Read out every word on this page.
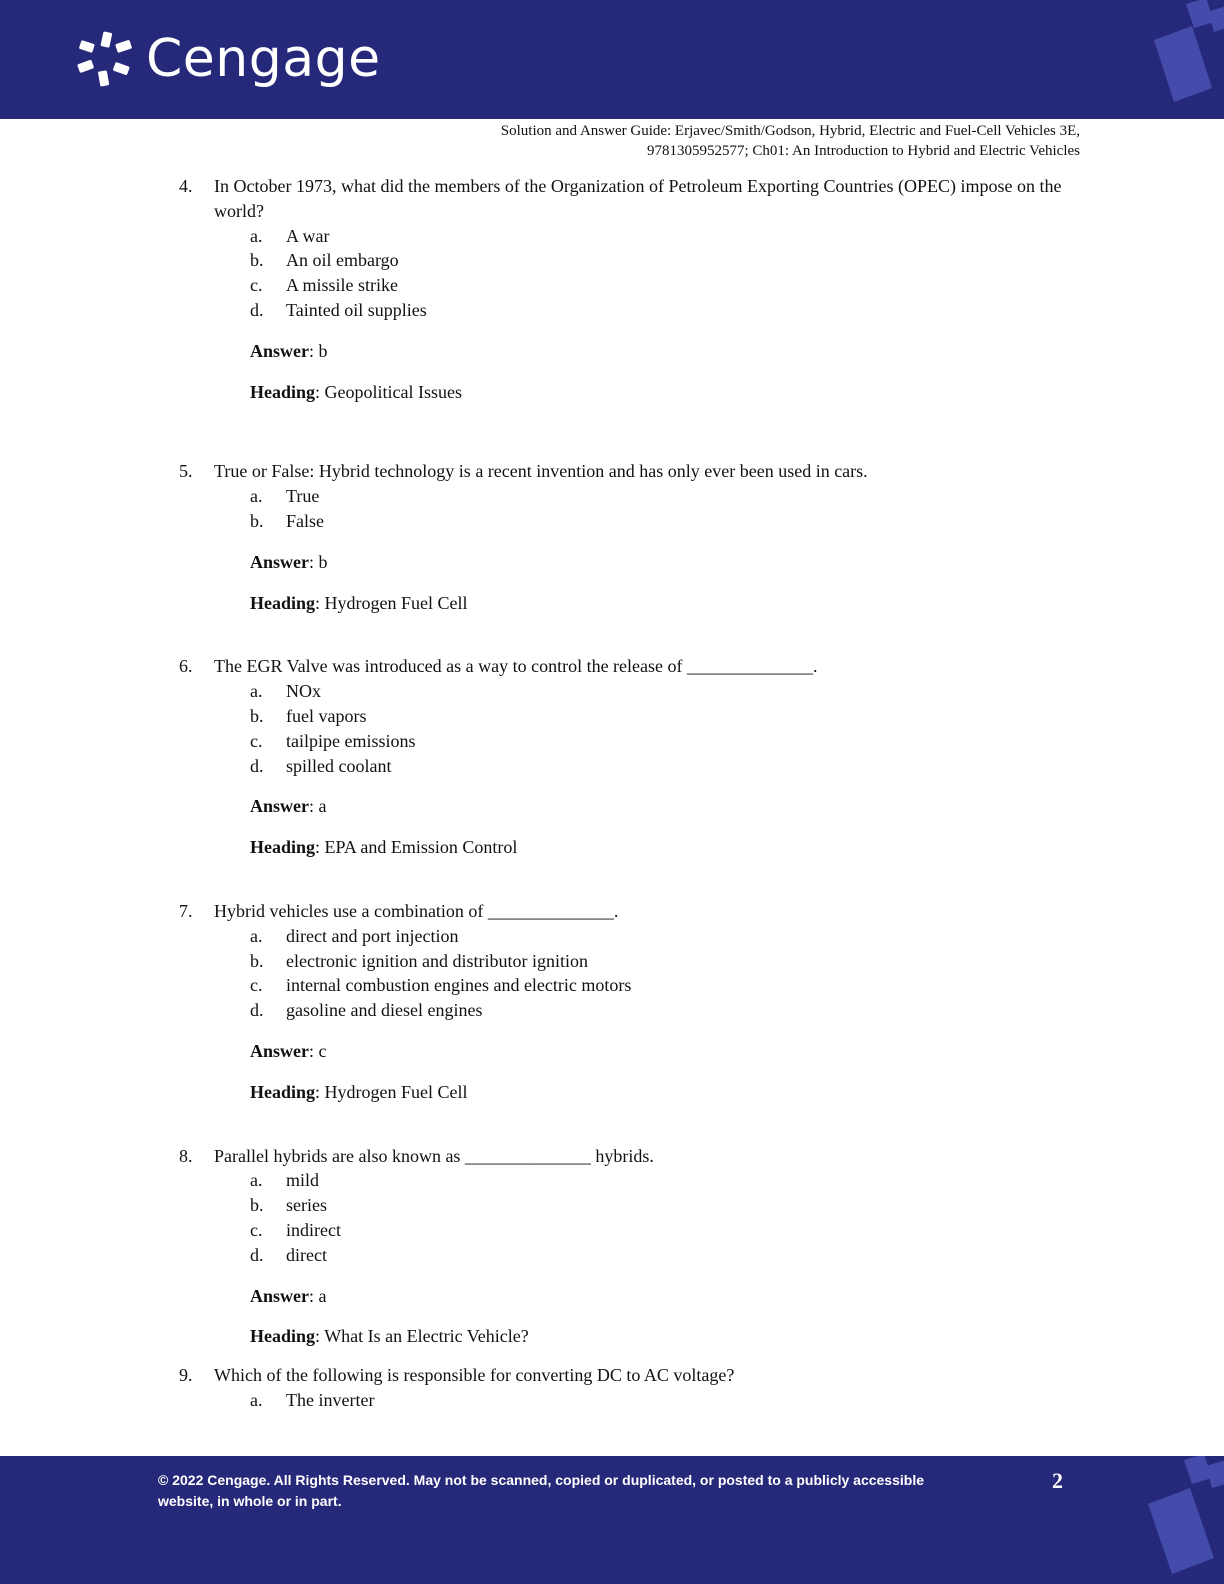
Cengage
Solution and Answer Guide: Erjavec/Smith/Godson, Hybrid, Electric and Fuel-Cell Vehicles 3E,
9781305952577; Ch01: An Introduction to Hybrid and Electric Vehicles
4.	In October 1973, what did the members of the Organization of Petroleum Exporting Countries (OPEC) impose on the world?
a.	A war
b.	An oil embargo
c.	A missile strike
d.	Tainted oil supplies
Answer: b
Heading: Geopolitical Issues
5.	True or False: Hybrid technology is a recent invention and has only ever been used in cars.
a.	True
b.	False
Answer: b
Heading: Hydrogen Fuel Cell
6.	The EGR Valve was introduced as a way to control the release of ______________.
a.	NOx
b.	fuel vapors
c.	tailpipe emissions
d.	spilled coolant
Answer: a
Heading: EPA and Emission Control
7.	Hybrid vehicles use a combination of ______________.
a.	direct and port injection
b.	electronic ignition and distributor ignition
c.	internal combustion engines and electric motors
d.	gasoline and diesel engines
Answer: c
Heading: Hydrogen Fuel Cell
8.	Parallel hybrids are also known as ______________ hybrids.
a.	mild
b.	series
c.	indirect
d.	direct
Answer: a
Heading: What Is an Electric Vehicle?
9.	Which of the following is responsible for converting DC to AC voltage?
a.	The inverter
© 2022 Cengage. All Rights Reserved. May not be scanned, copied or duplicated, or posted to a publicly accessible website, in whole or in part.
2
